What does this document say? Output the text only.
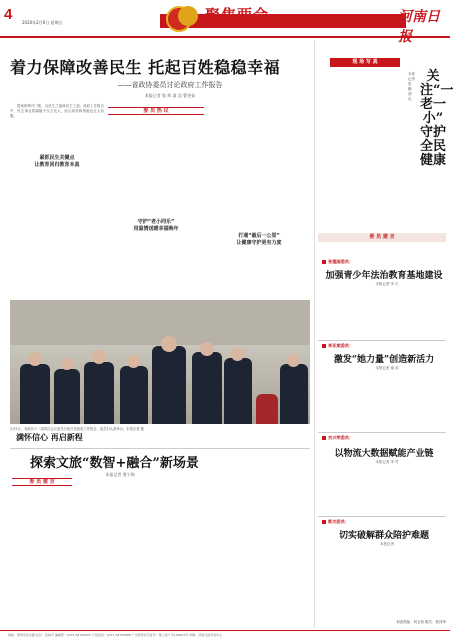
4 2020年2月6日 星期五	聚焦两会	河南日报
着力保障改善民生 托起百姓稳稳幸福
——省政协委员讨论政府工作报告
本报记者 陈 辉 童 浩 曹雯茹
委 员 热 议

提案统筹开门集，以民生之福谋民生之福，政府工作报告中，民生事业的篇幅不仅占比大，而且取得和措施也让人信服。

紧抓民生关键点
让教育回归教育本真
守护“老小同乐”
用温情送暖幸福晚年
打通“最后一公里”
让健康守护更有力度
2月5日，省政协十二届四次会议委员分组讨论政府工作报告，委员们认真审议。本报记者 摄
满怀信心 再启新程
探索文旅“数智+融合”新场景
本报记者 曹少锦
委 员 建 言
现 场 写 真
关注“一老一小” 守护全民健康
本报记者 张 鹏 胡 迅
委 员 建 言
张建国委员：
加强青少年法治教育基地建设
本报记者 李 宇
李亚斌委员：
激发“她力量”创造新活力
本报记者 童 浩
吉兴荣委员：
以物流大数据赋能产业链
本报记者 李 竹
郭杰委员：
切实破解群众陪护难题
本报记者
本版责编：刘玉柏 版式：张泽华
地址：郑州市金水路 社长：张林平 编辑部：0371-65795827 订报热线：0371-65795888 广告经营许可证号：豫工商广字100001号 印刷：河南日报印务中心
